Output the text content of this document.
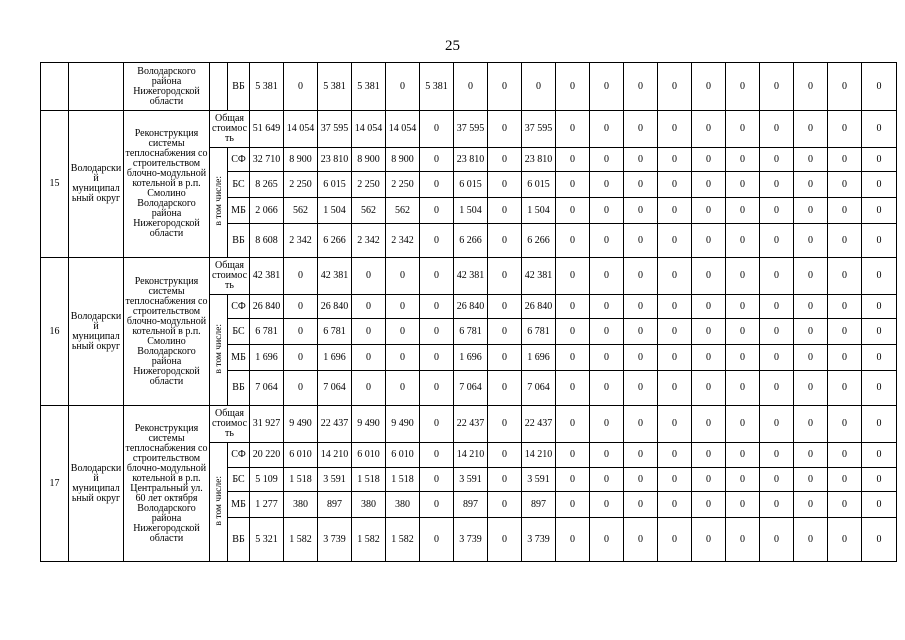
25
		Володарского района Нижегородской области		ВБ	5 381	0	5 381	5 381	0	5 381	0	0	0	0	0	0	0	0	0	0	0	0	0
15	Володарский муниципальный округ	Реконструкция системы теплоснабжения со строительством блочно-модульной котельной в р.п. Смолино Володарского района Нижегородской области	Общая стоимость		51 649	14 054	37 595	14 054	14 054	0	37 595	0	37 595	0	0	0	0	0	0	0	0	0	0
			в том числе:	СФ	32 710	8 900	23 810	8 900	8 900	0	23 810	0	23 810	0	0	0	0	0	0	0	0	0	0
				БС	8 265	2 250	6 015	2 250	2 250	0	6 015	0	6 015	0	0	0	0	0	0	0	0	0	0
				МБ	2 066	562	1 504	562	562	0	1 504	0	1 504	0	0	0	0	0	0	0	0	0	0
				ВБ	8 608	2 342	6 266	2 342	2 342	0	6 266	0	6 266	0	0	0	0	0	0	0	0	0	0
16	Володарский муниципальный округ	Реконструкция системы теплоснабжения со строительством блочно-модульной котельной в р.п. Смолино Володарского района Нижегородской области	Общая стоимость		42 381	0	42 381	0	0	0	42 381	0	42 381	0	0	0	0	0	0	0	0	0	0
			в том числе:	СФ	26 840	0	26 840	0	0	0	26 840	0	26 840	0	0	0	0	0	0	0	0	0	0
				БС	6 781	0	6 781	0	0	0	6 781	0	6 781	0	0	0	0	0	0	0	0	0	0
				МБ	1 696	0	1 696	0	0	0	1 696	0	1 696	0	0	0	0	0	0	0	0	0	0
				ВБ	7 064	0	7 064	0	0	0	7 064	0	7 064	0	0	0	0	0	0	0	0	0	0
17	Володарский муниципальный округ	Реконструкция системы теплоснабжения со строительством блочно-модульной котельной в р.п. Центральный ул. 60 лет октября Володарского района Нижегородской области	Общая стоимость		31 927	9 490	22 437	9 490	9 490	0	22 437	0	22 437	0	0	0	0	0	0	0	0	0	0
			в том числе:	СФ	20 220	6 010	14 210	6 010	6 010	0	14 210	0	14 210	0	0	0	0	0	0	0	0	0	0
				БС	5 109	1 518	3 591	1 518	1 518	0	3 591	0	3 591	0	0	0	0	0	0	0	0	0	0
				МБ	1 277	380	897	380	380	0	897	0	897	0	0	0	0	0	0	0	0	0	0
				ВБ	5 321	1 582	3 739	1 582	1 582	0	3 739	0	3 739	0	0	0	0	0	0	0	0	0	0
